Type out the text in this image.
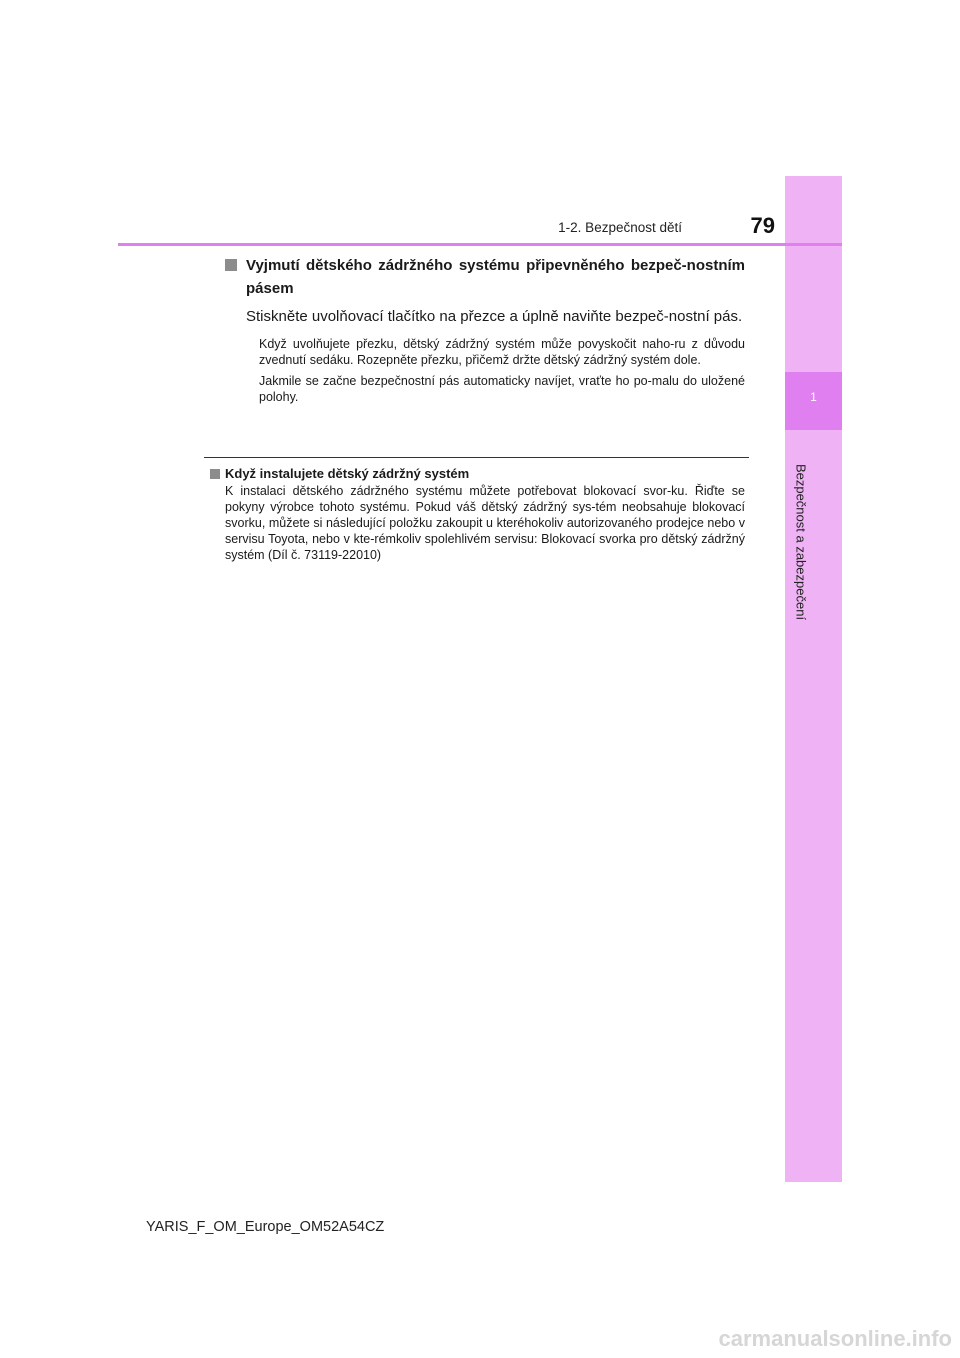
1
Bezpečnost a zabezpečení
1-2. Bezpečnost dětí	79
Vyjmutí dětského zádržného systému připevněného bezpeč-nostním pásem
Stiskněte uvolňovací tlačítko na přezce a úplně naviňte bezpeč-nostní pás.
Když uvolňujete přezku, dětský zádržný systém může povyskočit naho-ru z důvodu zvednutí sedáku. Rozepněte přezku, přičemž držte dětský zádržný systém dole.
Jakmile se začne bezpečnostní pás automaticky navíjet, vraťte ho po-malu do uložené polohy.
Když instalujete dětský zádržný systém
K instalaci dětského zádržného systému můžete potřebovat blokovací svor-ku. Řiďte se pokyny výrobce tohoto systému. Pokud váš dětský zádržný sys-tém neobsahuje blokovací svorku, můžete si následující položku zakoupit u kteréhokoliv autorizovaného prodejce nebo v servisu Toyota, nebo v kte-rémkoliv spolehlivém servisu: Blokovací svorka pro dětský zádržný systém (Díl č. 73119-22010)
YARIS_F_OM_Europe_OM52A54CZ
carmanualsonline.info
